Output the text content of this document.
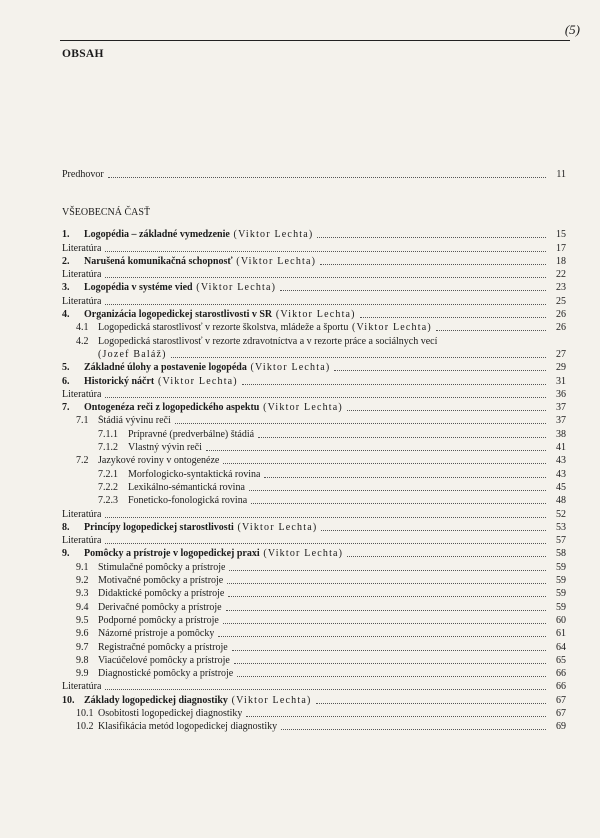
(5)
OBSAH
Predhovor	11
VŠEOBECNÁ ČASŤ
1.	Logopédia – základné vymedzenie (Viktor Lechta)	15
Literatúra	17
2.	Narušená komunikačná schopnosť (Viktor Lechta)	18
Literatúra	22
3.	Logopédia v systéme vied (Viktor Lechta)	23
Literatúra	25
4.	Organizácia logopedickej starostlivosti v SR (Viktor Lechta)	26
4.1 Logopedická starostlivosť v rezorte školstva, mládeže a športu (Viktor Lechta)	26
4.2 Logopedická starostlivosť v rezorte zdravotníctva a v rezorte práce a sociálnych vecí
(Jozef Baláž)	27
5.	Základné úlohy a postavenie logopéda (Viktor Lechta)	29
6.	Historický náčrt (Viktor Lechta)	31
Literatúra	36
7.	Ontogenéza reči z logopedického aspektu (Viktor Lechta)	37
7.1 Štádiá vývinu reči	37
7.1.1	Prípravné (predverbálne) štádiá	38
7.1.2	Vlastný vývin reči	41
7.2 Jazykové roviny v ontogenéze	43
7.2.1	Morfologicko-syntaktická rovina	43
7.2.2	Lexikálno-sémantická rovina	45
7.2.3	Foneticko-fonologická rovina	48
Literatúra	52
8.	Princípy logopedickej starostlivosti (Viktor Lechta)	53
Literatúra	57
9.	Pomôcky a prístroje v logopedickej praxi (Viktor Lechta)	58
9.1 Stimulačné pomôcky a prístroje	59
9.2 Motivačné pomôcky a prístroje	59
9.3 Didaktické pomôcky a prístroje	59
9.4 Derivačné pomôcky a prístroje	59
9.5 Podporné pomôcky a prístroje	60
9.6 Názorné prístroje a pomôcky	61
9.7 Registračné pomôcky a prístroje	64
9.8 Viacúčelové pomôcky a prístroje	65
9.9 Diagnostické pomôcky a prístroje	66
Literatúra	66
10. Základy logopedickej diagnostiky (Viktor Lechta)	67
10.1 Osobitosti logopedickej diagnostiky	67
10.2 Klasifikácia metód logopedickej diagnostiky	69
